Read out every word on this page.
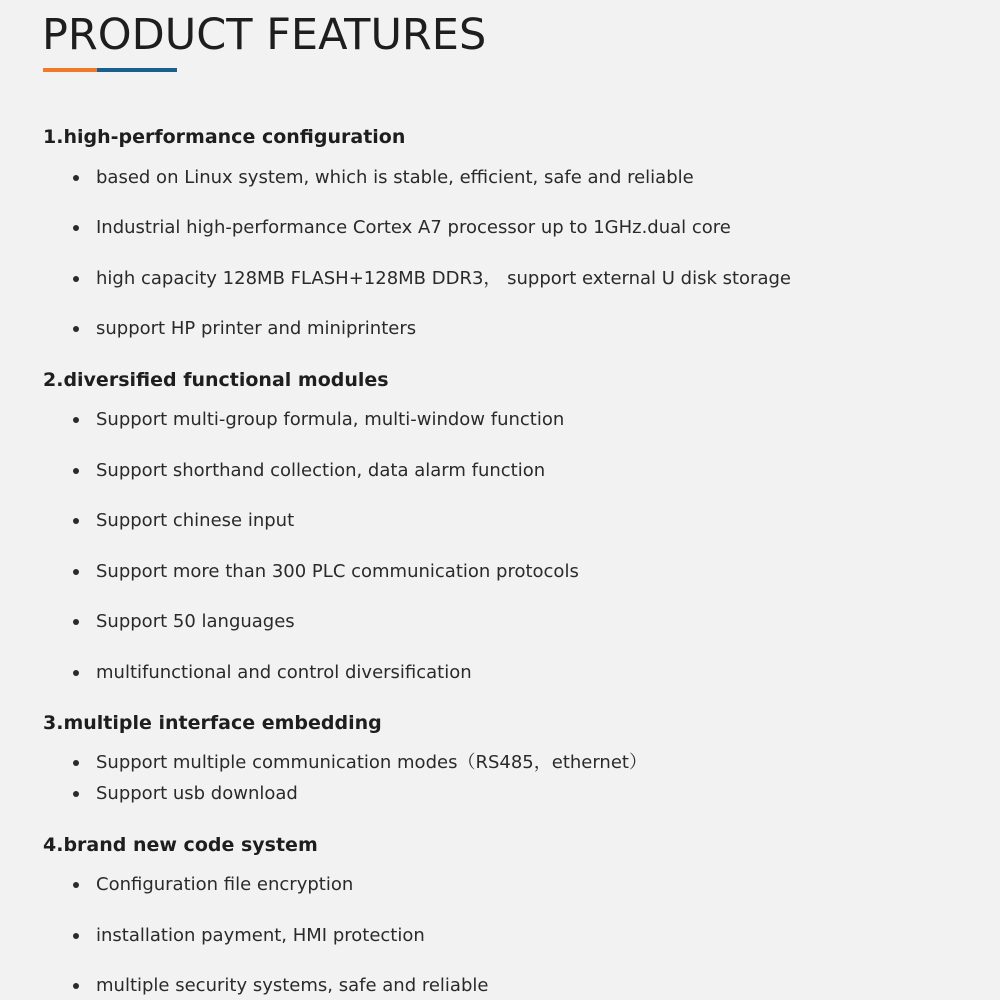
PRODUCT FEATURES
1.high-performance configuration
based on Linux system, which is stable, efficient, safe and reliable
Industrial high-performance Cortex A7 processor up to 1GHz.dual core
high capacity 128MB FLASH+128MB DDR3， support external U disk storage
support HP printer and miniprinters
2.diversified functional modules
Support multi-group formula, multi-window function
Support shorthand collection, data alarm function
Support chinese input
Support more than 300 PLC communication protocols
Support 50 languages
multifunctional and control diversification
3.multiple interface embedding
Support multiple communication modes（RS485，ethernet）
Support usb download
4.brand new code system
Configuration file encryption
installation payment, HMI protection
multiple security systems, safe and reliable
